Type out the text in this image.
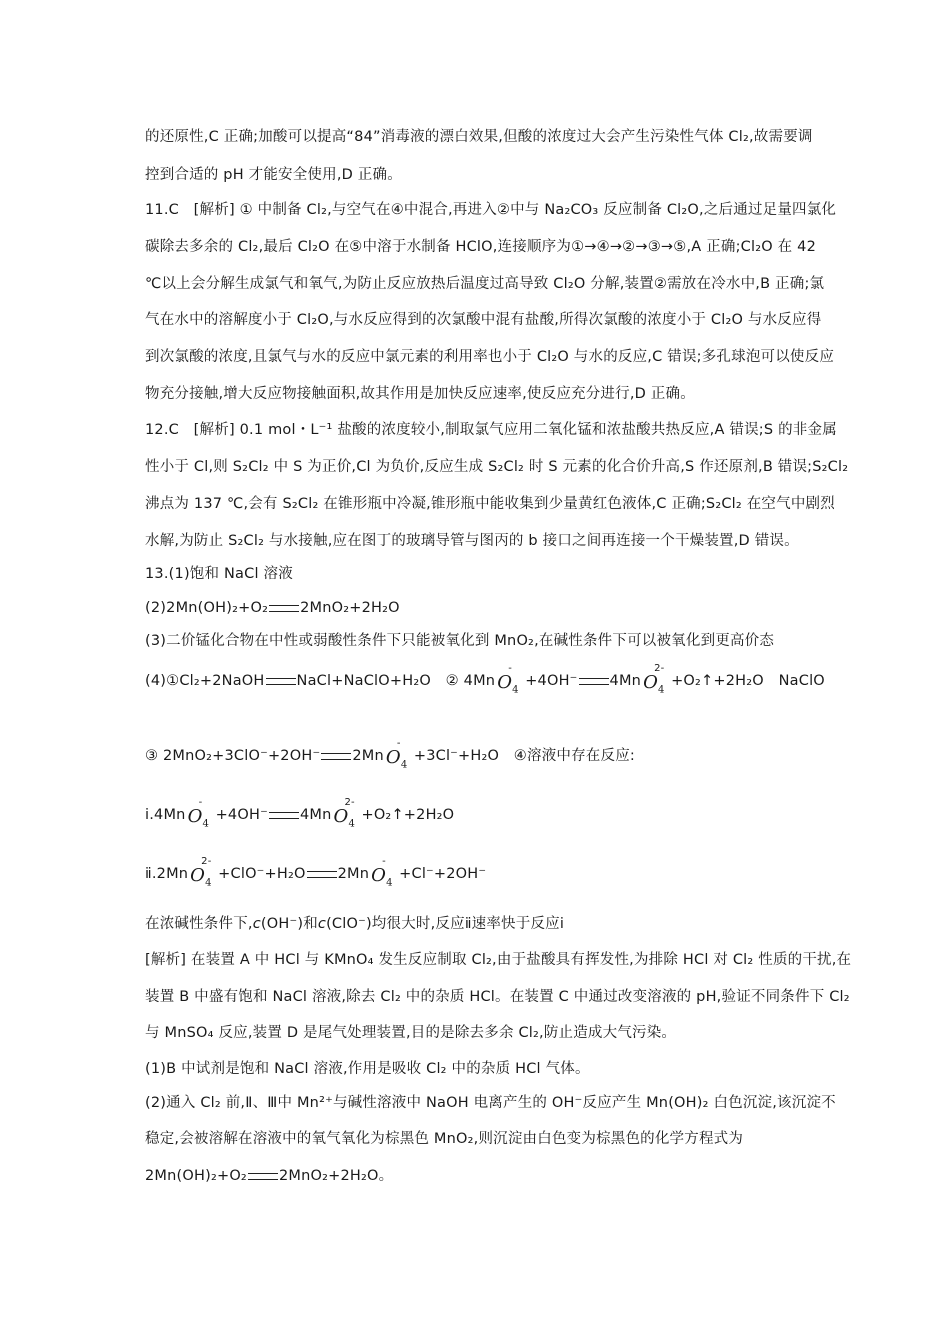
的还原性,C 正确;加酸可以提高“84”消毒液的漂白效果,但酸的浓度过大会产生污染性气体 Cl₂,故需要调
控到合适的 pH 才能安全使用,D 正确。
11.C　[解析] ① 中制备 Cl₂,与空气在④中混合,再进入②中与 Na₂CO₃ 反应制备 Cl₂O,之后通过足量四氯化
碳除去多余的 Cl₂,最后 Cl₂O 在⑤中溶于水制备 HClO,连接顺序为①→④→②→③→⑤,A 正确;Cl₂O 在 42
℃以上会分解生成氯气和氧气,为防止反应放热后温度过高导致 Cl₂O 分解,装置②需放在冷水中,B 正确;氯
气在水中的溶解度小于 Cl₂O,与水反应得到的次氯酸中混有盐酸,所得次氯酸的浓度小于 Cl₂O 与水反应得
到次氯酸的浓度,且氯气与水的反应中氯元素的利用率也小于 Cl₂O 与水的反应,C 错误;多孔球泡可以使反应
物充分接触,增大反应物接触面积,故其作用是加快反应速率,使反应充分进行,D 正确。
12.C　[解析] 0.1 mol・L⁻¹ 盐酸的浓度较小,制取氯气应用二氧化锰和浓盐酸共热反应,A 错误;S 的非金属
性小于 Cl,则 S₂Cl₂ 中 S 为正价,Cl 为负价,反应生成 S₂Cl₂ 时 S 元素的化合价升高,S 作还原剂,B 错误;S₂Cl₂
沸点为 137 ℃,会有 S₂Cl₂ 在锥形瓶中冷凝,锥形瓶中能收集到少量黄红色液体,C 正确;S₂Cl₂ 在空气中剧烈
水解,为防止 S₂Cl₂ 与水接触,应在图丁的玻璃导管与图丙的 b 接口之间再连接一个干燥装置,D 错误。
13.(1)饱和 NaCl 溶液
(2)2Mn(OH)₂+O₂ 2MnO₂+2H₂O
(3)二价锰化合物在中性或弱酸性条件下只能被氧化到 MnO₂,在碱性条件下可以被氧化到更高价态
(4)①Cl₂+2NaOH NaCl+NaClO+H₂O　② 4Mn $O_4$
-
+4OH⁻ 4Mn $O_4$
2-
+O₂↑+2H₂O　NaClO
③ 2MnO₂+3ClO⁻+2OH⁻ 2Mn $O_4$
-
+3Cl⁻+H₂O　④溶液中存在反应:
ⅰ.4Mn $O_4$
-
+4OH⁻ 4Mn $O_4$
2-
+O₂↑+2H₂O
ⅱ.2Mn $O_4$
2-
+ClO⁻+H₂O 2Mn $O_4$
-
+Cl⁻+2OH⁻
在浓碱性条件下,c(OH⁻)和c(ClO⁻)均很大时,反应ⅱ速率快于反应ⅰ
[解析] 在装置 A 中 HCl 与 KMnO₄ 发生反应制取 Cl₂,由于盐酸具有挥发性,为排除 HCl 对 Cl₂ 性质的干扰,在
装置 B 中盛有饱和 NaCl 溶液,除去 Cl₂ 中的杂质 HCl。在装置 C 中通过改变溶液的 pH,验证不同条件下 Cl₂
与 MnSO₄ 反应,装置 D 是尾气处理装置,目的是除去多余 Cl₂,防止造成大气污染。
(1)B 中试剂是饱和 NaCl 溶液,作用是吸收 Cl₂ 中的杂质 HCl 气体。
(2)通入 Cl₂ 前,Ⅱ、Ⅲ中 Mn²⁺与碱性溶液中 NaOH 电离产生的 OH⁻反应产生 Mn(OH)₂ 白色沉淀,该沉淀不
稳定,会被溶解在溶液中的氧气氧化为棕黑色 MnO₂,则沉淀由白色变为棕黑色的化学方程式为
2Mn(OH)₂+O₂ 2MnO₂+2H₂O。
